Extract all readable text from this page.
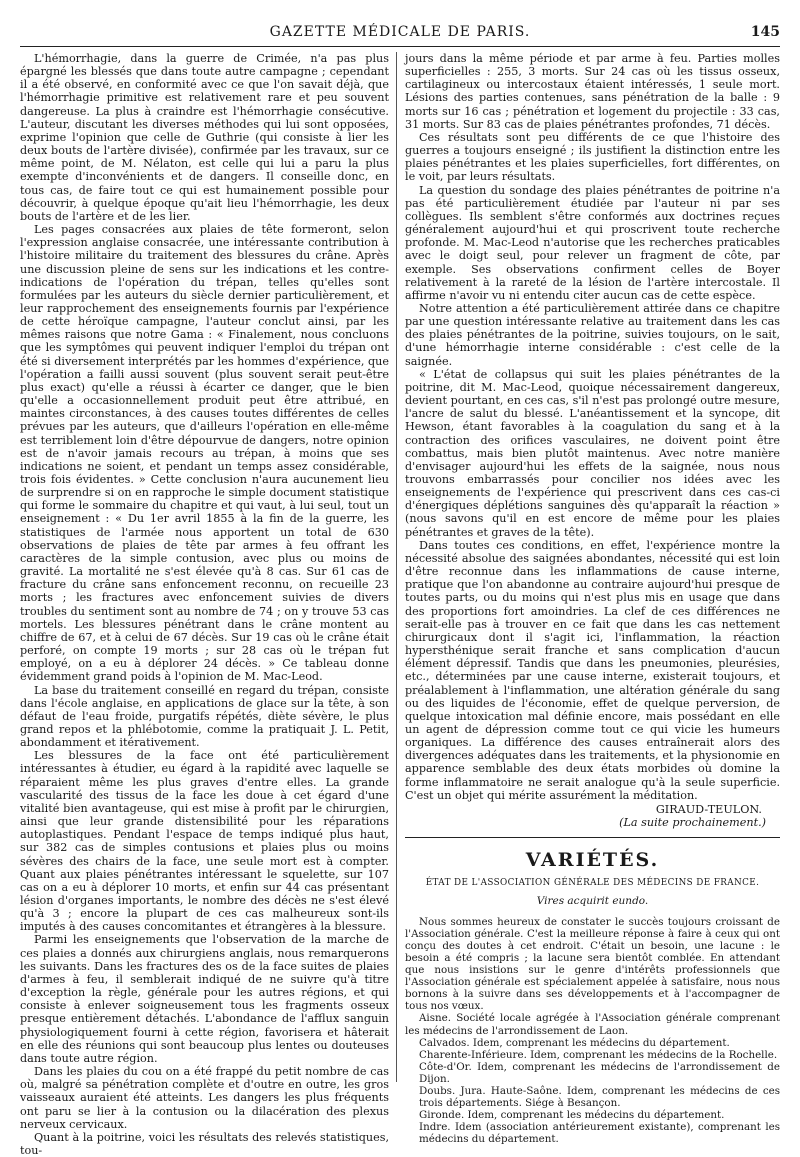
GAZETTE MÉDICALE DE PARIS.	145

L'hémorrhagie, dans la guerre de Crimée, n'a pas plus épargné les blessés que dans toute autre campagne ; cependant il a été observé, en conformité avec ce que l'on savait déjà, que l'hémorrhagie primitive est relativement rare et peu souvent dangereuse. La plus à craindre est l'hémorrhagie consécutive. L'auteur, discutant les diverses méthodes qui lui sont opposées, exprime l'opinion que celle de Guthrie (qui consiste à lier les deux bouts de l'artère divisée), confirmée par les travaux, sur ce même point, de M. Nélaton, est celle qui lui a paru la plus exempte d'inconvénients et de dangers. Il conseille donc, en tous cas, de faire tout ce qui est humainement possible pour découvrir, à quelque époque qu'ait lieu l'hémorrhagie, les deux bouts de l'artère et de les lier.

Les pages consacrées aux plaies de tête formeront, selon l'expression anglaise consacrée, une intéressante contribution à l'histoire militaire du traitement des blessures du crâne. Après une discussion pleine de sens sur les indications et les contre-indications de l'opération du trépan, telles qu'elles sont formulées par les auteurs du siècle dernier particulièrement, et leur rapprochement des enseignements fournis par l'expérience de cette héroïque campagne, l'auteur conclut ainsi, par les mêmes raisons que notre Gama : « Finalement, nous concluons que les symptômes qui peuvent indiquer l'emploi du trépan ont été si diversement interprétés par les hommes d'expérience, que l'opération a failli aussi souvent (plus souvent serait peut-être plus exact) qu'elle a réussi à écarter ce danger, que le bien qu'elle a occasionnellement produit peut être attribué, en maintes circonstances, à des causes toutes différentes de celles prévues par les auteurs, que d'ailleurs l'opération en elle-même est terriblement loin d'être dépourvue de dangers, notre opinion est de n'avoir jamais recours au trépan, à moins que ses indications ne soient, et pendant un temps assez considérable, trois fois évidentes. » Cette conclusion n'aura aucunement lieu de surprendre si on en rapproche le simple document statistique qui forme le sommaire du chapitre et qui vaut, à lui seul, tout un enseignement : « Du 1er avril 1855 à la fin de la guerre, les statistiques de l'armée nous apportent un total de 630 observations de plaies de tête par armes à feu offrant les caractères de la simple contusion, avec plus ou moins de gravité. La mortalité ne s'est élevée qu'à 8 cas. Sur 61 cas de fracture du crâne sans enfoncement reconnu, on recueille 23 morts ; les fractures avec enfoncement suivies de divers troubles du sentiment sont au nombre de 74 ; on y trouve 53 cas mortels. Les blessures pénétrant dans le crâne montent au chiffre de 67, et à celui de 67 décès. Sur 19 cas où le crâne était perforé, on compte 19 morts ; sur 28 cas où le trépan fut employé, on a eu à déplorer 24 décès. » Ce tableau donne évidemment grand poids à l'opinion de M. Mac-Leod.

La base du traitement conseillé en regard du trépan, consiste dans l'école anglaise, en applications de glace sur la tête, à son défaut de l'eau froide, purgatifs répétés, diète sévère, le plus grand repos et la phlébotomie, comme la pratiquait J. L. Petit, abondamment et itérativement.

Les blessures de la face ont été particulièrement intéressantes à étudier, eu égard à la rapidité avec laquelle se réparaient même les plus graves d'entre elles. La grande vascularité des tissus de la face les doue à cet égard d'une vitalité bien avantageuse, qui est mise à profit par le chirurgien, ainsi que leur grande distensibilité pour les réparations autoplastiques. Pendant l'espace de temps indiqué plus haut, sur 382 cas de simples contusions et plaies plus ou moins sévères des chairs de la face, une seule mort est à compter. Quant aux plaies pénétrantes intéressant le squelette, sur 107 cas on a eu à déplorer 10 morts, et enfin sur 44 cas présentant lésion d'organes importants, le nombre des décès ne s'est élevé qu'à 3 ; encore la plupart de ces cas malheureux sont-ils imputés à des causes concomitantes et étrangères à la blessure.

Parmi les enseignements que l'observation de la marche de ces plaies a donnés aux chirurgiens anglais, nous remarquerons les suivants. Dans les fractures des os de la face suites de plaies d'armes à feu, il semblerait indiqué de ne suivre qu'à titre d'exception la règle, générale pour les autres régions, et qui consiste à enlever soigneusement tous les fragments osseux presque entièrement détachés. L'abondance de l'afflux sanguin physiologiquement fourni à cette région, favorisera et hâterait en elle des réunions qui sont beaucoup plus lentes ou douteuses dans toute autre région.

Dans les plaies du cou on a été frappé du petit nombre de cas où, malgré sa pénétration complète et d'outre en outre, les gros vaisseaux auraient été atteints. Les dangers les plus fréquents ont paru se lier à la contusion ou la dilacération des plexus nerveux cervicaux.

Quant à la poitrine, voici les résultats des relevés statistiques, tou-

jours dans la même période et par arme à feu. Parties molles superficielles : 255, 3 morts. Sur 24 cas où les tissus osseux, cartilagineux ou intercostaux étaient intéressés, 1 seule mort. Lésions des parties contenues, sans pénétration de la balle : 9 morts sur 16 cas ; pénétration et logement du projectile : 33 cas, 31 morts. Sur 83 cas de plaies pénétrantes profondes, 71 décès.

Ces résultats sont peu différents de ce que l'histoire des guerres a toujours enseigné ; ils justifient la distinction entre les plaies pénétrantes et les plaies superficielles, fort différentes, on le voit, par leurs résultats.

La question du sondage des plaies pénétrantes de poitrine n'a pas été particulièrement étudiée par l'auteur ni par ses collègues. Ils semblent s'être conformés aux doctrines reçues généralement aujourd'hui et qui proscrivent toute recherche profonde. M. Mac-Leod n'autorise que les recherches praticables avec le doigt seul, pour relever un fragment de côte, par exemple. Ses observations confirment celles de Boyer relativement à la rareté de la lésion de l'artère intercostale. Il affirme n'avoir vu ni entendu citer aucun cas de cette espèce.

Notre attention a été particulièrement attirée dans ce chapitre par une question intéressante relative au traitement dans les cas des plaies pénétrantes de la poitrine, suivies toujours, on le sait, d'une hémorrhagie interne considérable : c'est celle de la saignée.

« L'état de collapsus qui suit les plaies pénétrantes de la poitrine, dit M. Mac-Leod, quoique nécessairement dangereux, devient pourtant, en ces cas, s'il n'est pas prolongé outre mesure, l'ancre de salut du blessé. L'anéantissement et la syncope, dit Hewson, étant favorables à la coagulation du sang et à la contraction des orifices vasculaires, ne doivent point être combattus, mais bien plutôt maintenus. Avec notre manière d'envisager aujourd'hui les effets de la saignée, nous nous trouvons embarrassés pour concilier nos idées avec les enseignements de l'expérience qui prescrivent dans ces cas-ci d'énergiques déplétions sanguines dès qu'apparaît la réaction » (nous savons qu'il en est encore de même pour les plaies pénétrantes et graves de la tête).

Dans toutes ces conditions, en effet, l'expérience montre la nécessité absolue des saignées abondantes, nécessité qui est loin d'être reconnue dans les inflammations de cause interne, pratique que l'on abandonne au contraire aujourd'hui presque de toutes parts, ou du moins qui n'est plus mis en usage que dans des proportions fort amoindries. La clef de ces différences ne serait-elle pas à trouver en ce fait que dans les cas nettement chirurgicaux dont il s'agit ici, l'inflammation, la réaction hypersthénique serait franche et sans complication d'aucun élément dépressif. Tandis que dans les pneumonies, pleurésies, etc., déterminées par une cause interne, existerait toujours, et préalablement à l'inflammation, une altération générale du sang ou des liquides de l'économie, effet de quelque perversion, de quelque intoxication mal définie encore, mais possédant en elle un agent de dépression comme tout ce qui vicie les humeurs organiques. La différence des causes entraînerait alors des divergences adéquates dans les traitements, et la physionomie en apparence semblable des deux états morbides où domine la forme inflammatoire ne serait analogue qu'à la seule superficie. C'est un objet qui mérite assurément la méditation.

GIRAUD-TEULON.

(La suite prochainement.)

VARIÉTÉS.
ÉTAT DE L'ASSOCIATION GÉNÉRALE DES MÉDECINS DE FRANCE.
Vires acquirit eundo.

Nous sommes heureux de constater le succès toujours croissant de l'Association générale. C'est la meilleure réponse à faire à ceux qui ont conçu des doutes à cet endroit. C'était un besoin, une lacune : le besoin a été compris ; la lacune sera bientôt comblée. En attendant que nous insistions sur le genre d'intérêts professionnels que l'Association générale est spécialement appelée à satisfaire, nous nous bornons à la suivre dans ses développements et à l'accompagner de tous nos vœux.

Aisne. Société locale agrégée à l'Association générale comprenant les médecins de l'arrondissement de Laon.

Calvados. Idem, comprenant les médecins du département.

Charente-Inférieure. Idem, comprenant les médecins de la Rochelle.

Côte-d'Or. Idem, comprenant les médecins de l'arrondissement de Dijon.

Doubs. Jura. Haute-Saône. Idem, comprenant les médecins de ces trois départements. Siége à Besançon.

Gironde. Idem, comprenant les médecins du département.

Indre. Idem (association antérieurement existante), comprenant les médecins du département.
